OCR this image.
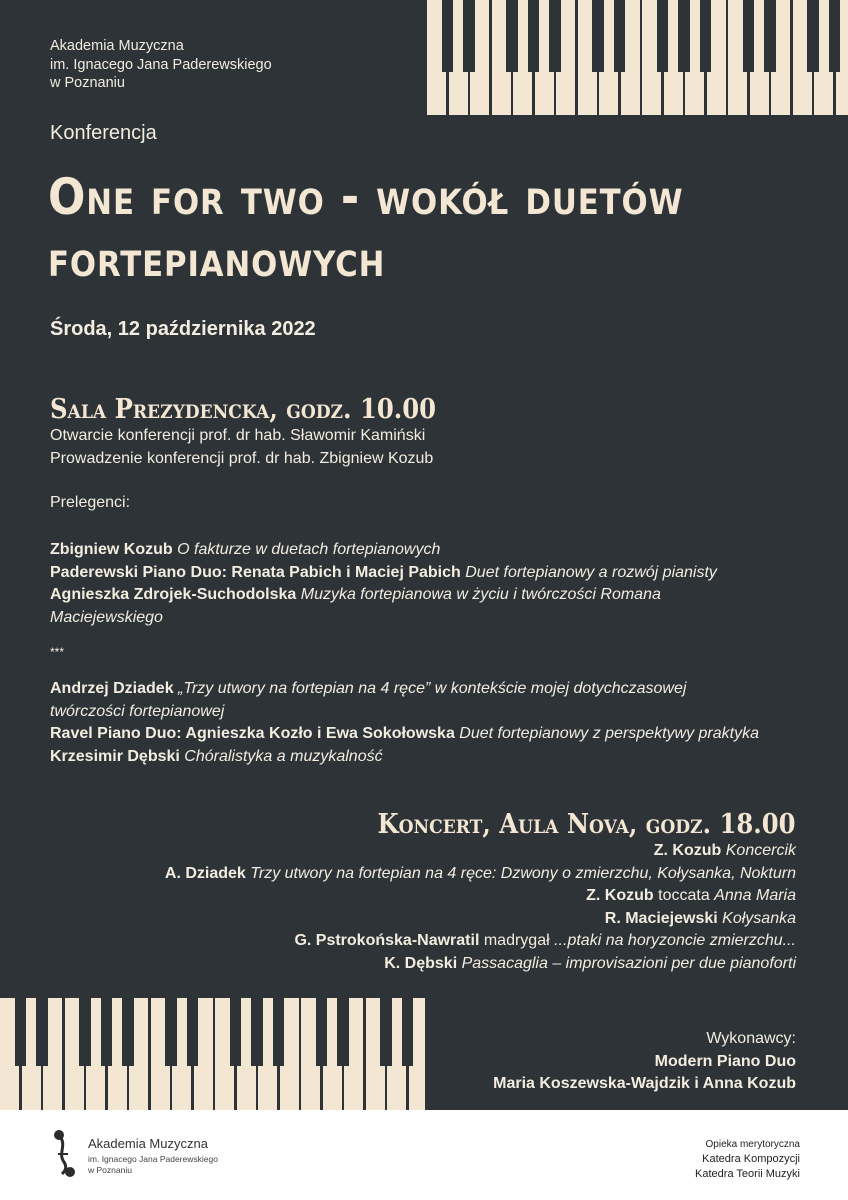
Akademia Muzyczna
im. Ignacego Jana Paderewskiego
w Poznaniu
Konferencja
One for two - wokół duetów
fortepianowych
Środa, 12 października 2022
Sala Prezydencka, godz. 10.00
Otwarcie konferencji prof. dr hab. Sławomir Kamiński
Prowadzenie konferencji prof. dr hab. Zbigniew Kozub
Prelegenci:
Zbigniew Kozub O fakturze w duetach fortepianowych
Paderewski Piano Duo: Renata Pabich i Maciej Pabich Duet fortepianowy a rozwój pianisty
Agnieszka Zdrojek-Suchodolska Muzyka fortepianowa w życiu i twórczości Romana
Maciejewskiego
***
Andrzej Dziadek „Trzy utwory na fortepian na 4 ręce” w kontekście mojej dotychczasowej
twórczości fortepianowej
Ravel Piano Duo: Agnieszka Kozło i Ewa Sokołowska Duet fortepianowy z perspektywy praktyka
Krzesimir Dębski Chóralistyka a muzykalność
Koncert, Aula Nova, godz. 18.00
Z. Kozub Koncercik
A. Dziadek Trzy utwory na fortepian na 4 ręce: Dzwony o zmierzchu, Kołysanka, Nokturn
Z. Kozub toccata Anna Maria
R. Maciejewski Kołysanka
G. Pstrokońska-Nawratil madrygał ...ptaki na horyzoncie zmierzchu...
K. Dębski Passacaglia – improvisazioni per due pianoforti
Wykonawcy:
Modern Piano Duo
Maria Koszewska-Wajdzik i Anna Kozub
Akademia Muzyczna
im. Ignacego Jana Paderewskiego
w Poznaniu
Opieka merytoryczna
Katedra Kompozycji
Katedra Teorii Muzyki
